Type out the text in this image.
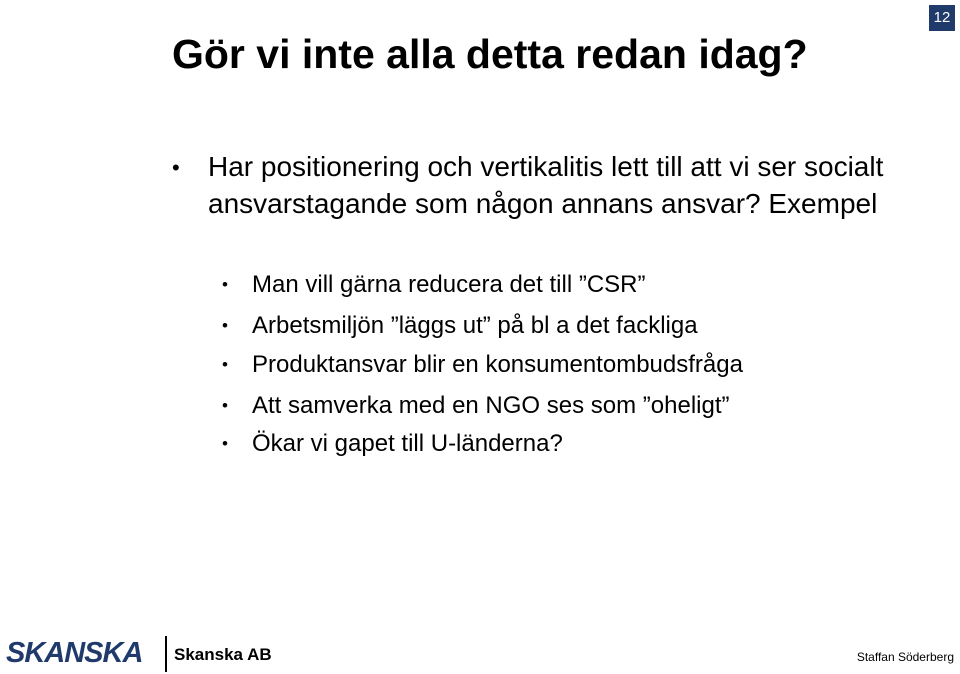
12
Gör vi inte alla detta redan idag?
• Har positionering och vertikalitis lett till att vi ser socialt ansvarstagande som någon annans ansvar? Exempel
• Man vill gärna reducera det till ”CSR”
• Arbetsmiljön ”läggs ut” på bl a det fackliga
• Produktansvar blir en konsumentombudsfråga
• Att samverka med en NGO ses som ”oheligt”
• Ökar vi gapet till U-länderna?
SKANSKA Skanska AB	Staffan Söderberg
